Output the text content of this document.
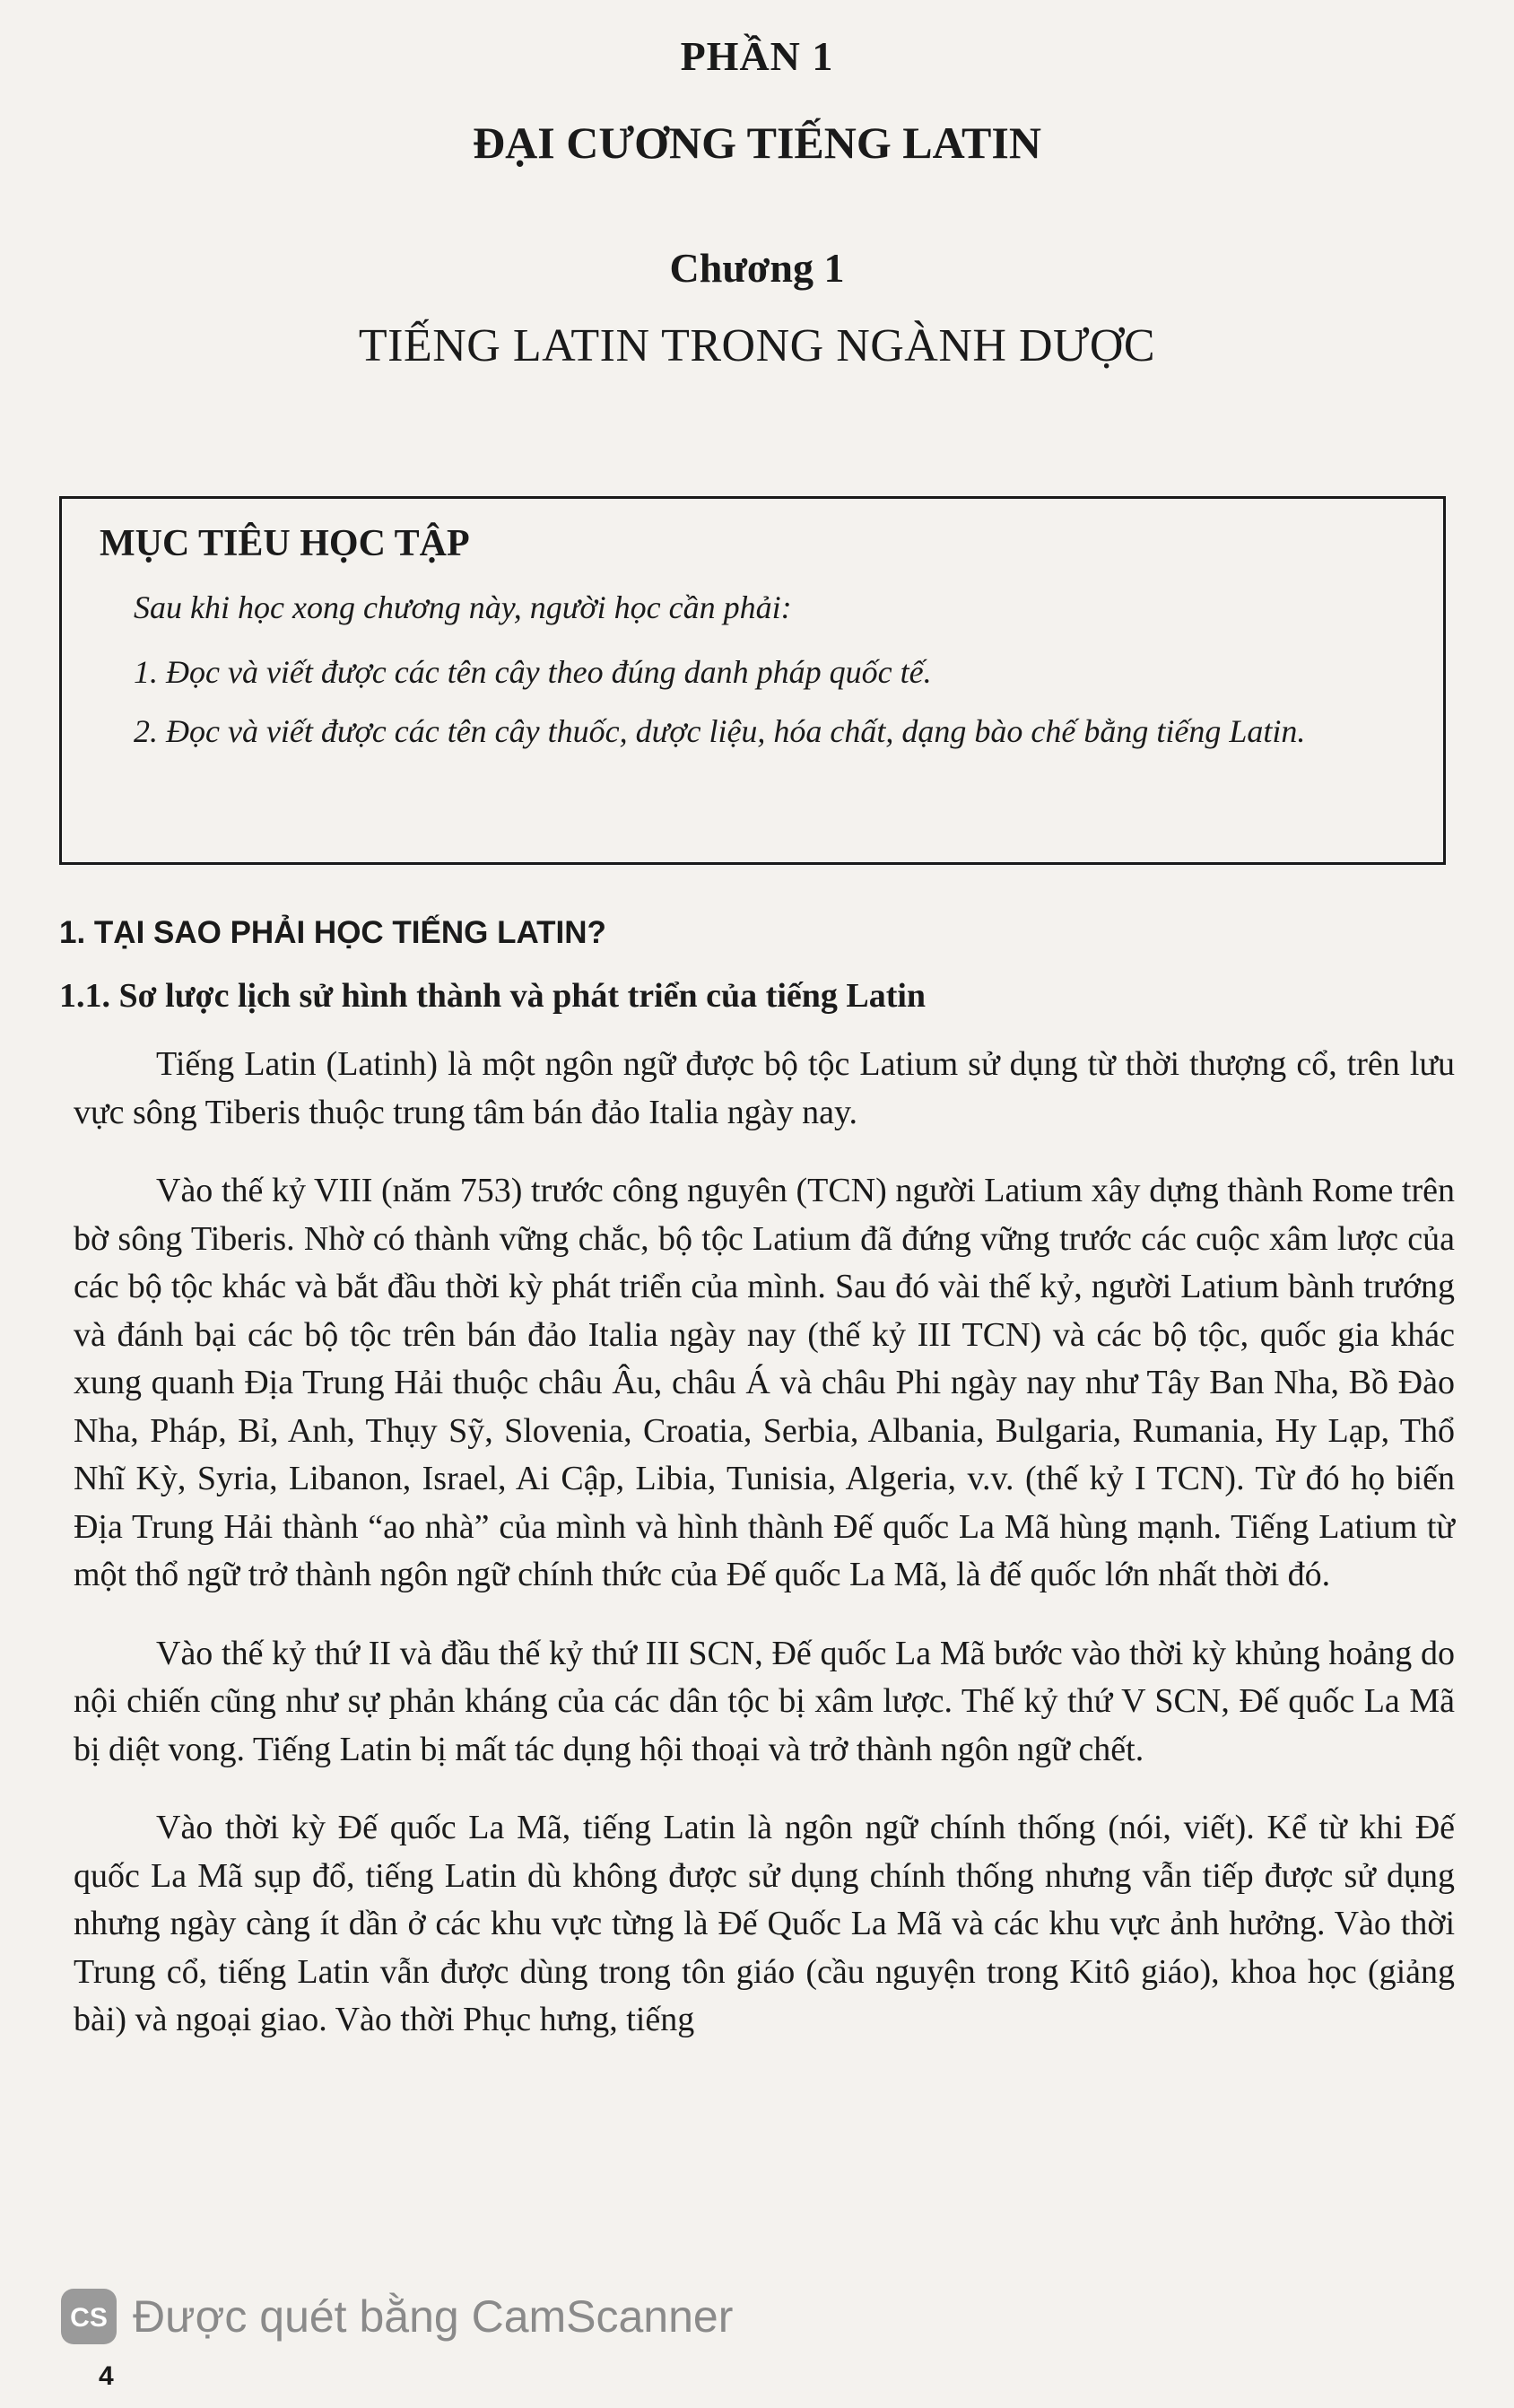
PHẦN 1
ĐẠI CƯƠNG TIẾNG LATIN
Chương 1
TIẾNG LATIN TRONG NGÀNH DƯỢC

MỤC TIÊU HỌC TẬP

Sau khi học xong chương này, người học cần phải:

1. Đọc và viết được các tên cây theo đúng danh pháp quốc tế.

2. Đọc và viết được các tên cây thuốc, dược liệu, hóa chất, dạng bào chế bằng tiếng Latin.

1. TẠI SAO PHẢI HỌC TIẾNG LATIN?
1.1. Sơ lược lịch sử hình thành và phát triển của tiếng Latin

Tiếng Latin (Latinh) là một ngôn ngữ được bộ tộc Latium sử dụng từ thời thượng cổ, trên lưu vực sông Tiberis thuộc trung tâm bán đảo Italia ngày nay.

Vào thế kỷ VIII (năm 753) trước công nguyên (TCN) người Latium xây dựng thành Rome trên bờ sông Tiberis. Nhờ có thành vững chắc, bộ tộc Latium đã đứng vững trước các cuộc xâm lược của các bộ tộc khác và bắt đầu thời kỳ phát triển của mình. Sau đó vài thế kỷ, người Latium bành trướng và đánh bại các bộ tộc trên bán đảo Italia ngày nay (thế kỷ III TCN) và các bộ tộc, quốc gia khác xung quanh Địa Trung Hải thuộc châu Âu, châu Á và châu Phi ngày nay như Tây Ban Nha, Bồ Đào Nha, Pháp, Bỉ, Anh, Thụy Sỹ, Slovenia, Croatia, Serbia, Albania, Bulgaria, Rumania, Hy Lạp, Thổ Nhĩ Kỳ, Syria, Libanon, Israel, Ai Cập, Libia, Tunisia, Algeria, v.v. (thế kỷ I TCN). Từ đó họ biến Địa Trung Hải thành “ao nhà” của mình và hình thành Đế quốc La Mã hùng mạnh. Tiếng Latium từ một thổ ngữ trở thành ngôn ngữ chính thức của Đế quốc La Mã, là đế quốc lớn nhất thời đó.

Vào thế kỷ thứ II và đầu thế kỷ thứ III SCN, Đế quốc La Mã bước vào thời kỳ khủng hoảng do nội chiến cũng như sự phản kháng của các dân tộc bị xâm lược. Thế kỷ thứ V SCN, Đế quốc La Mã bị diệt vong. Tiếng Latin bị mất tác dụng hội thoại và trở thành ngôn ngữ chết.

Vào thời kỳ Đế quốc La Mã, tiếng Latin là ngôn ngữ chính thống (nói, viết). Kể từ khi Đế quốc La Mã sụp đổ, tiếng Latin dù không được sử dụng chính thống nhưng vẫn tiếp được sử dụng nhưng ngày càng ít dần ở các khu vực từng là Đế Quốc La Mã và các khu vực ảnh hưởng. Vào thời Trung cổ, tiếng Latin vẫn được dùng trong tôn giáo (cầu nguyện trong Kitô giáo), khoa học (giảng bài) và ngoại giao. Vào thời Phục hưng, tiếng

CS Được quét bằng CamScanner
4
